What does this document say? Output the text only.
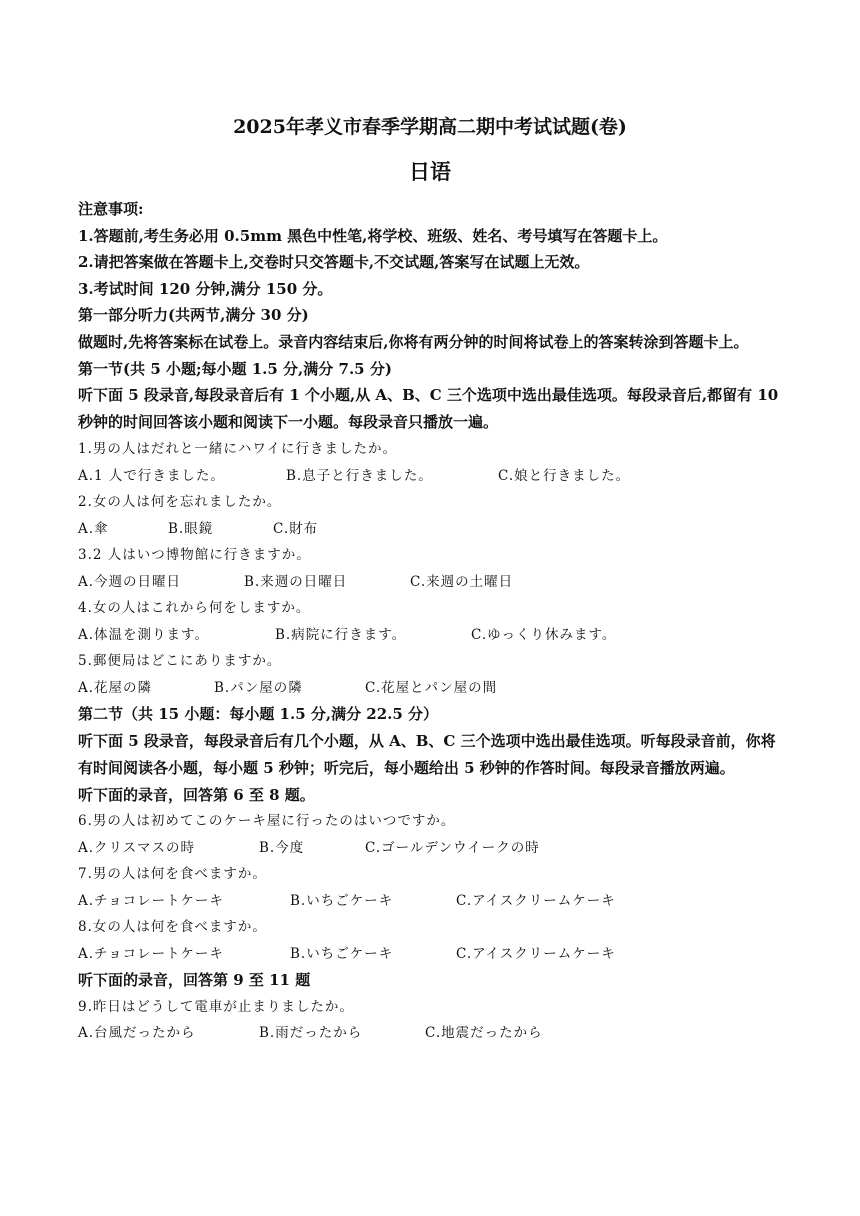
2025年孝义市春季学期高二期中考试试题(卷)
日语
注意事项:
1.答题前,考生务必用 0.5mm 黑色中性笔,将学校、班级、姓名、考号填写在答题卡上。
2.请把答案做在答题卡上,交卷时只交答题卡,不交试题,答案写在试题上无效。
3.考试时间 120 分钟,满分 150 分。
第一部分听力(共两节,满分 30 分)
做题时,先将答案标在试卷上。录音内容结束后,你将有两分钟的时间将试卷上的答案转涂到答题卡上。
第一节(共 5 小题;每小题 1.5 分,满分 7.5 分)
听下面 5 段录音,每段录音后有 1 个小题,从 A、B、C 三个选项中选出最佳选项。每段录音后,都留有 10 秒钟的时间回答该小题和阅读下一小题。每段录音只播放一遍。
1.男の人はだれと一緒にハワイに行きましたか。
A.1 人で行きました。	B.息子と行きました。	C.娘と行きました。
2.女の人は何を忘れましたか。
A.傘	B.眼鏡	C.財布
3.2 人はいつ博物館に行きますか。
A.今週の日曜日	B.来週の日曜日	C.来週の土曜日
4.女の人はこれから何をしますか。
A.体温を測ります。	B.病院に行きます。	C.ゆっくり休みます。
5.郵便局はどこにありますか。
A.花屋の隣	B.パン屋の隣	C.花屋とパン屋の間
第二节（共 15 小题：每小题 1.5 分,满分 22.5 分）
听下面 5 段录音，每段录音后有几个小题，从 A、B、C 三个选项中选出最佳选项。听每段录音前，你将有时间阅读各小题，每小题 5 秒钟；听完后，每小题给出 5 秒钟的作答时间。每段录音播放两遍。
听下面的录音，回答第 6 至 8 题。
6.男の人は初めてこのケーキ屋に行ったのはいつですか。
A.クリスマスの時	B.今度	C.ゴールデンウイークの時
7.男の人は何を食べますか。
A.チョコレートケーキ	B.いちごケーキ	C.アイスクリームケーキ
8.女の人は何を食べますか。
A.チョコレートケーキ	B.いちごケーキ	C.アイスクリームケーキ
听下面的录音，回答第 9 至 11 题
9.昨日はどうして電車が止まりましたか。
A.台風だったから	B.雨だったから	C.地震だったから
